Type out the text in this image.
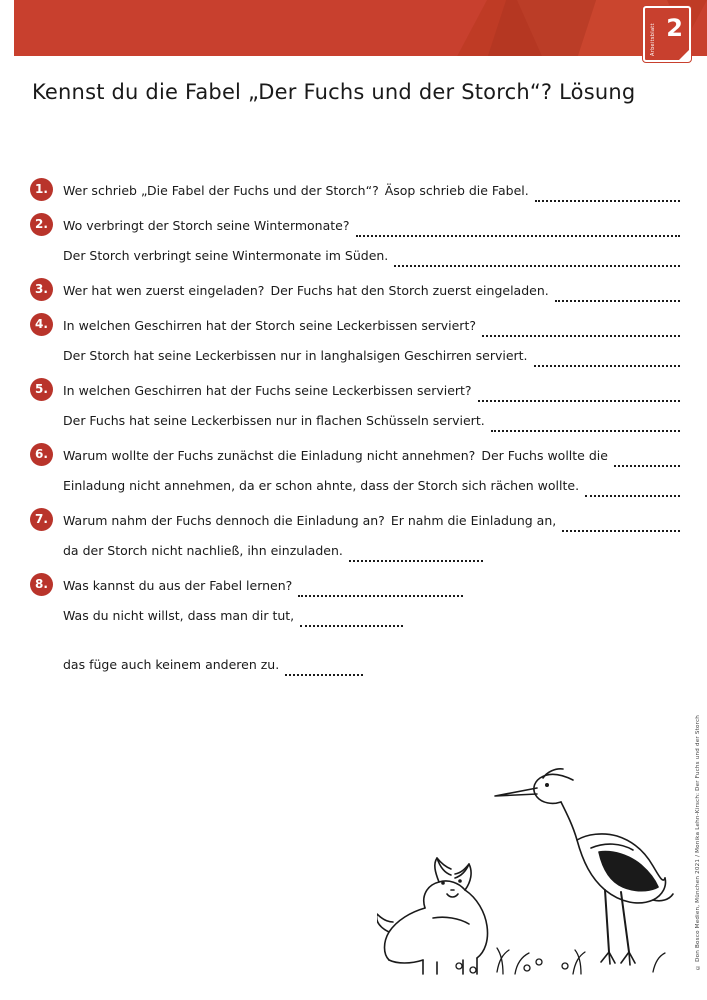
Arbeitsblatt 2
Kennst du die Fabel „Der Fuchs und der Storch“? Lösung
1.	Wer schrieb „Die Fabel der Fuchs und der Storch“? Äsop schrieb die Fabel.
2.	Wo verbringt der Storch seine Wintermonate?
Der Storch verbringt seine Wintermonate im Süden.
3.	Wer hat wen zuerst eingeladen? Der Fuchs hat den Storch zuerst eingeladen.
4.	In welchen Geschirren hat der Storch seine Leckerbissen serviert?
Der Storch hat seine Leckerbissen nur in langhalsigen Geschirren serviert.
5.	In welchen Geschirren hat der Fuchs seine Leckerbissen serviert?
Der Fuchs hat seine Leckerbissen nur in flachen Schüsseln serviert.
6.	Warum wollte der Fuchs zunächst die Einladung nicht annehmen? Der Fuchs wollte die
Einladung nicht annehmen, da er schon ahnte, dass der Storch sich rächen wollte.
7.	Warum nahm der Fuchs dennoch die Einladung an? Er nahm die Einladung an,
da der Storch nicht nachließ, ihn einzuladen.
8.	Was kannst du aus der Fabel lernen?
Was du nicht willst, dass man dir tut,
das füge auch keinem anderen zu.
© Don Bosco Medien, München 2021 / Monika Lehn-Kirsch: Der Fuchs und der Storch
